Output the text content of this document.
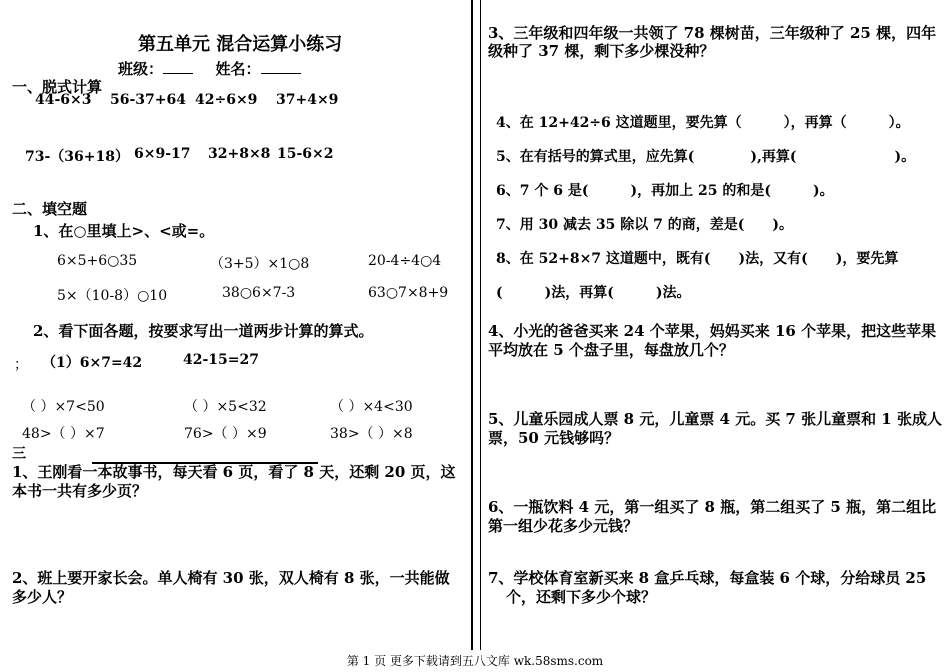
第五单元 混合运算小练习
班级：	姓名：
一、脱式计算
44-6×3 56-37+64 42÷6×9 37+4×9
73-（36+18） 6×9-17 32+8×8 15-6×2
二、填空题
1、在○里填上>、<或=。
6×5+6○35	（3+5）×1○8	20-4÷4○4
5×（10-8）○10	38○6×7-3	63○7×8+9
2、看下面各题，按要求写出一道两步计算的算式。
； （1）6×7=42	42-15=27
（ ）×7<50	（ ）×5<32	（ ）×4<30
48>（ ）×7	76>（ ）×9	38>（ ）×8
三
1、王刚看一本故事书，每天看 6 页，看了 8 天，还剩 20 页，这
本书一共有多少页？
2、班上要开家长会。单人椅有 30 张，双人椅有 8 张，一共能做
多少人？
3、三年级和四年级一共领了 78 棵树苗，三年级种了 25 棵，四年
级种了 37 棵，剩下多少棵没种？
4、在 12+42÷6 这道题里，要先算（　　　），再算（　　　）。
5、在有括号的算式里，应先算(　　　　),再算(　　　　　　　)。
6、7 个 6 是(　　　)，再加上 25 的和是(　　　)。
7、用 30 减去 35 除以 7 的商，差是(　　)。
8、在 52+8×7 这道题中，既有(　　)法，又有(　　)，要先算
(　　　)法，再算(　　　)法。
4、小光的爸爸买来 24 个苹果，妈妈买来 16 个苹果，把这些苹果
平均放在 5 个盘子里，每盘放几个？
5、儿童乐园成人票 8 元，儿童票 4 元。买 7 张儿童票和 1 张成人
票，50 元钱够吗？
6、一瓶饮料 4 元，第一组买了 8 瓶，第二组买了 5 瓶，第二组比
第一组少花多少元钱？
7、学校体育室新买来 8 盒乒乓球，每盒装 6 个球，分给球员 25
个，还剩下多少个球？
第 1 页 更多下载请到五八文库 wk.58sms.com
